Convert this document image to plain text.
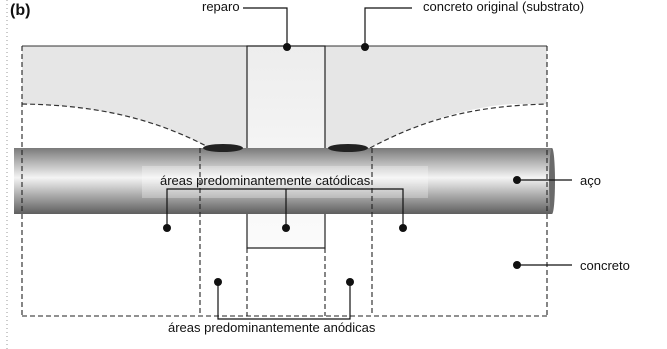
(b)	reparo	concreto original (substrato)
aço
concreto
áreas predominantemente catódicas
áreas predominantemente anódicas
